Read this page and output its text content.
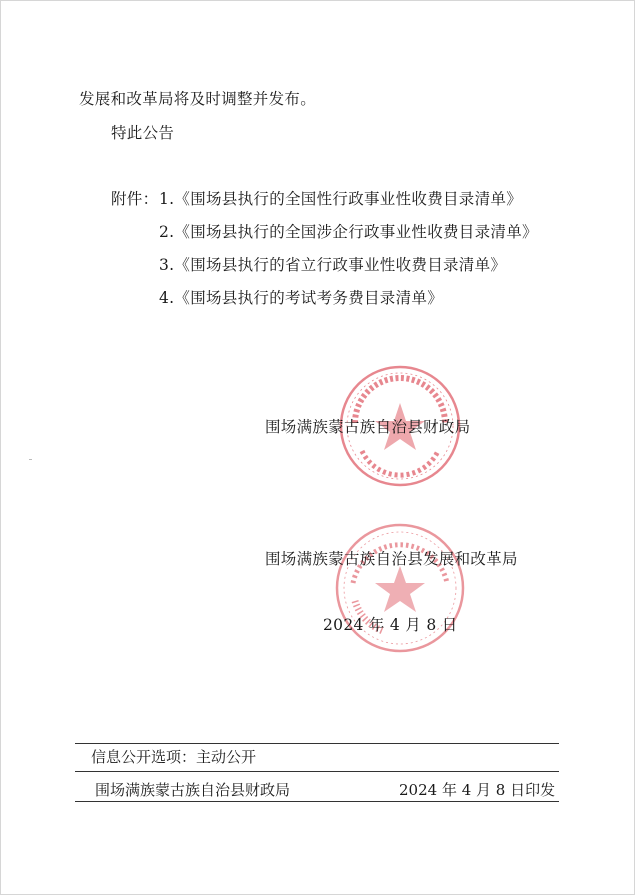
发展和改革局将及时调整并发布。
特此公告
附件： 1.《围场县执行的全国性行政事业性收费目录清单》
2.《围场县执行的全国涉企行政事业性收费目录清单》
3.《围场县执行的省立行政事业性收费目录清单》
4.《围场县执行的考试考务费目录清单》
围场满族蒙古族自治县财政局
围场满族蒙古族自治县发展和改革局
2024 年 4 月 8 日
信息公开选项：主动公开
围场满族蒙古族自治县财政局	2024 年 4 月 8 日印发
